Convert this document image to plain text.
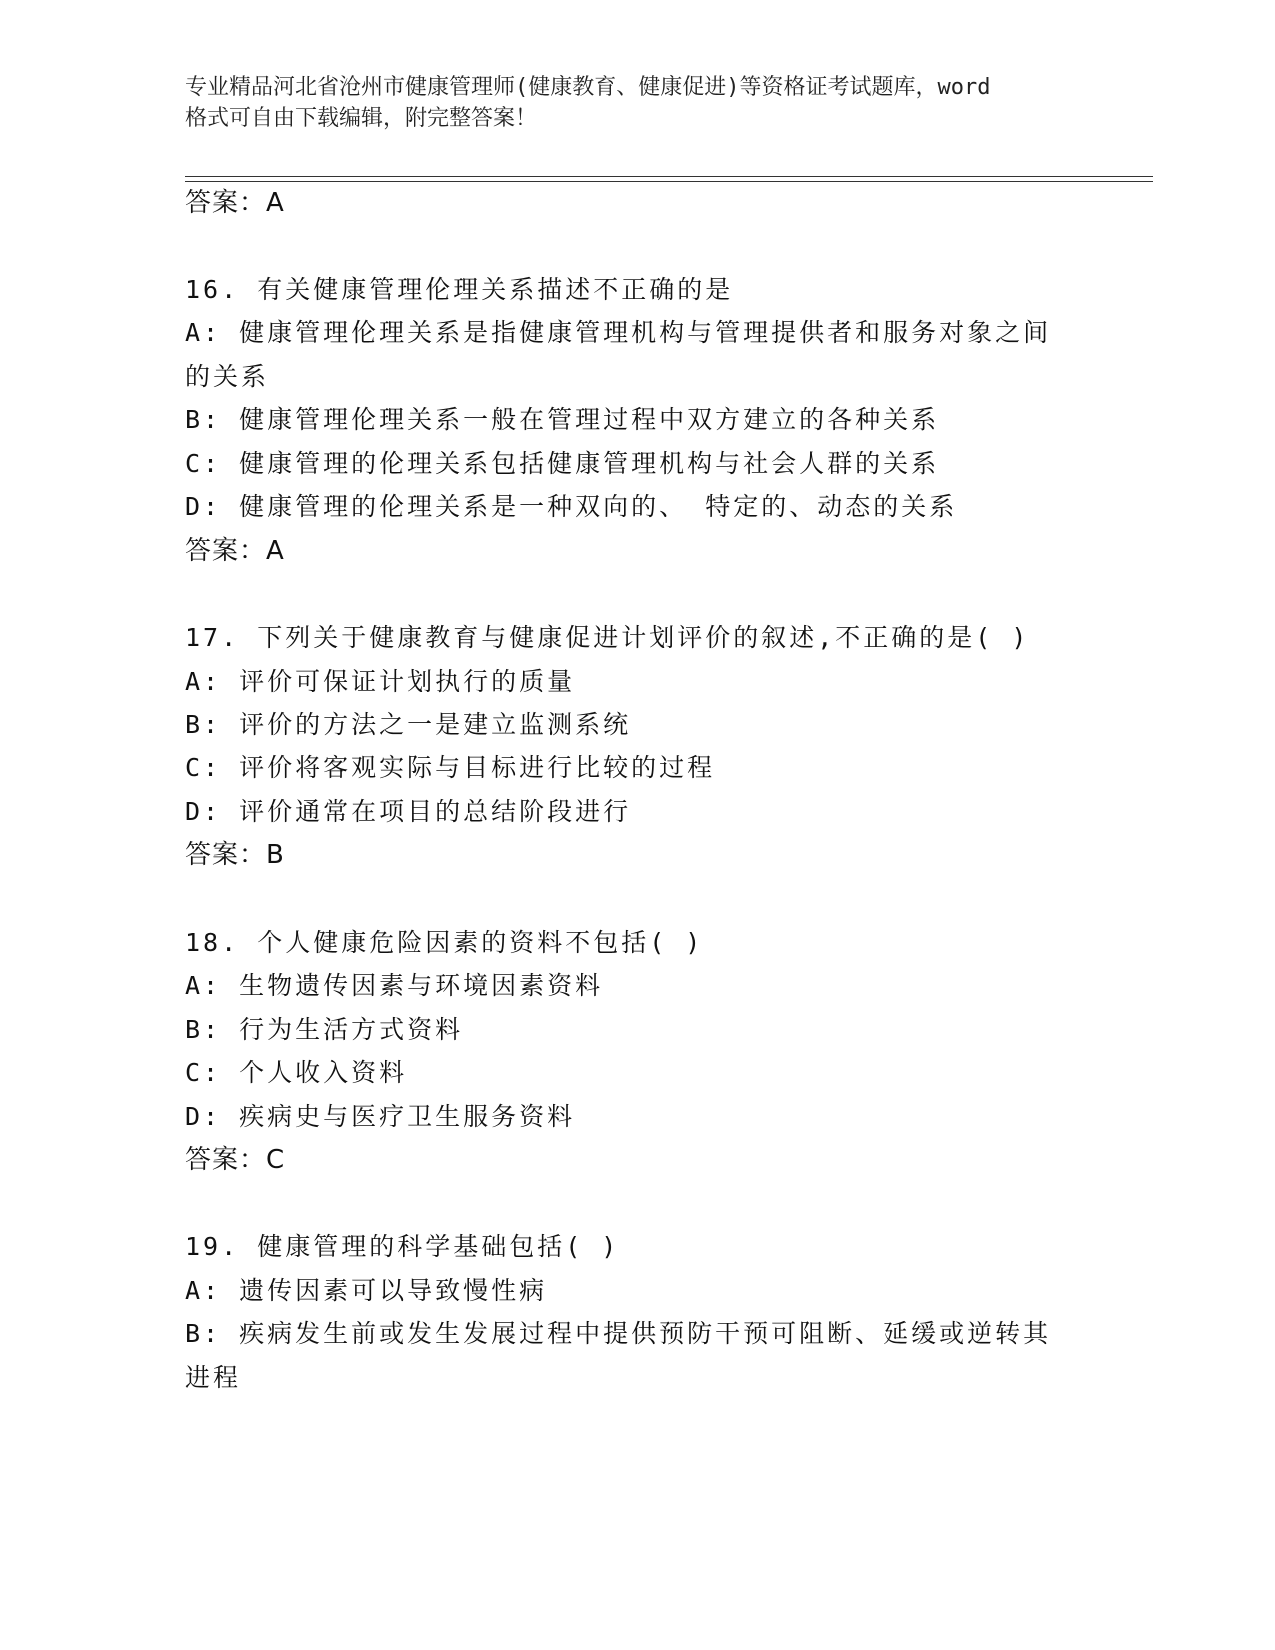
专业精品河北省沧州市健康管理师(健康教育、健康促进)等资格证考试题库，word
格式可自由下载编辑，附完整答案！
答案：A
16. 有关健康管理伦理关系描述不正确的是
A: 健康管理伦理关系是指健康管理机构与管理提供者和服务对象之间
的关系
B: 健康管理伦理关系一般在管理过程中双方建立的各种关系
C: 健康管理的伦理关系包括健康管理机构与社会人群的关系
D: 健康管理的伦理关系是一种双向的、 特定的、动态的关系
答案：A
17. 下列关于健康教育与健康促进计划评价的叙述,不正确的是( )
A: 评价可保证计划执行的质量
B: 评价的方法之一是建立监测系统
C: 评价将客观实际与目标进行比较的过程
D: 评价通常在项目的总结阶段进行
答案：B
18. 个人健康危险因素的资料不包括( )
A: 生物遗传因素与环境因素资料
B: 行为生活方式资料
C: 个人收入资料
D: 疾病史与医疗卫生服务资料
答案：C
19. 健康管理的科学基础包括( )
A: 遗传因素可以导致慢性病
B: 疾病发生前或发生发展过程中提供预防干预可阻断、延缓或逆转其
进程
